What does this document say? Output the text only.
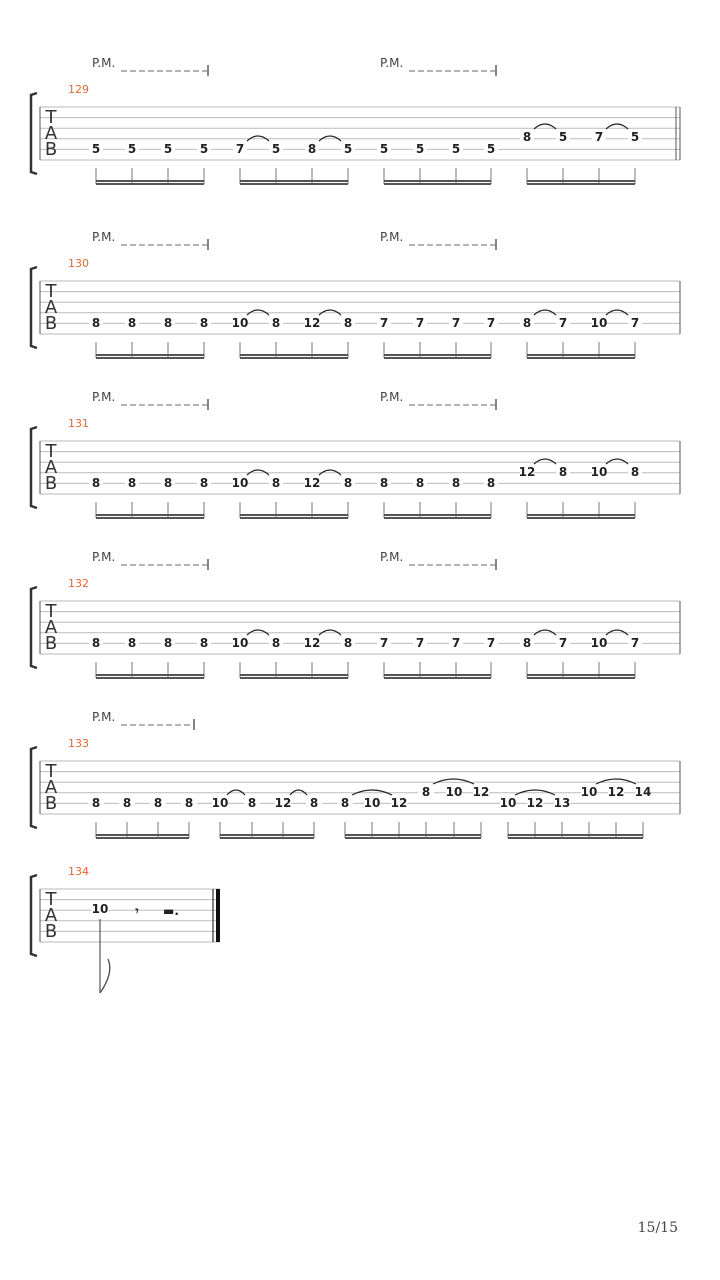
T
A
B
129
P.M.	P.M.
5 5 5 5 7 5 8 5 5 5 5 5
8 5 7 5
T
A
B
130
P.M.	P.M.
8 8 8 8 10 8 12 8 7 7 7 7 8 7 10 7
T
A
B
131
P.M.	P.M.
8 8 8 8 10 8 12 8 8 8 8 8
12 8 10 8
T
A
B
132
P.M.	P.M.
8 8 8 8 10 8 12 8 7 7 7 7 8 7 10 7
T
A
B
133
P.M.
8 8 8 8 10 8 12 8 8 10 12
8 10 12
10 12 13
10 12 14
T
A
B
134
10 𝄾 ▬.
15/15
